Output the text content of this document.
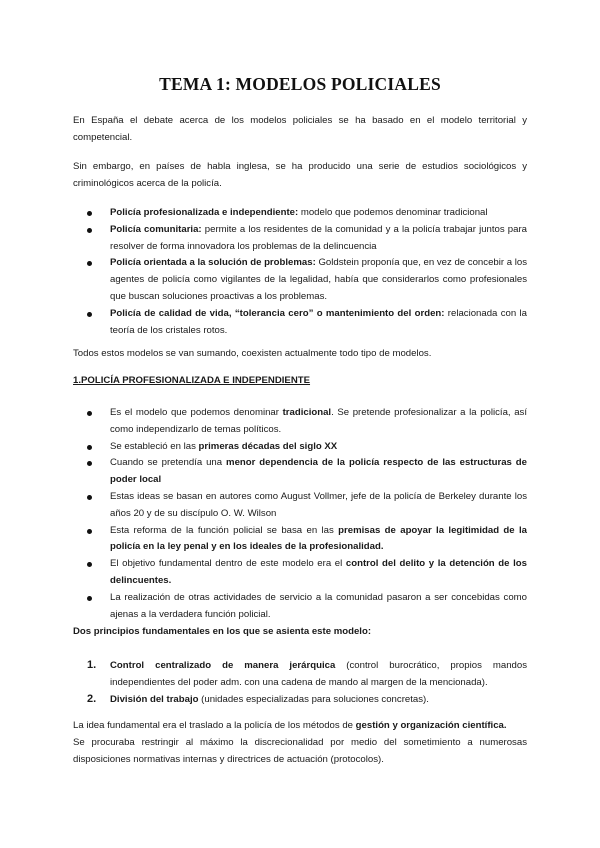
TEMA 1: MODELOS POLICIALES

En España el debate acerca de los modelos policiales se ha basado en el modelo territorial y competencial.

Sin embargo, en países de habla inglesa, se ha producido una serie de estudios sociológicos y criminológicos acerca de la policía.

Policía profesionalizada e independiente: modelo que podemos denominar tradicional
Policía comunitaria: permite a los residentes de la comunidad y a la policía trabajar juntos para resolver de forma innovadora los problemas de la delincuencia
Policía orientada a la solución de problemas: Goldstein proponía que, en vez de concebir a los agentes de policía como vigilantes de la legalidad, había que considerarlos como profesionales que buscan soluciones proactivas a los problemas.
Policía de calidad de vida, “tolerancia cero” o mantenimiento del orden: relacionada con la teoría de los cristales rotos.

Todos estos modelos se van sumando, coexisten actualmente todo tipo de modelos.

1.POLICÍA PROFESIONALIZADA E INDEPENDIENTE
Es el modelo que podemos denominar tradicional. Se pretende profesionalizar a la policía, así como independizarlo de temas políticos.
Se estableció en las primeras décadas del siglo XX
Cuando se pretendía una menor dependencia de la policía respecto de las estructuras de poder local
Estas ideas se basan en autores como August Vollmer, jefe de la policía de Berkeley durante los años 20 y de su discípulo O. W. Wilson
Esta reforma de la función policial se basa en las premisas de apoyar la legitimidad de la policía en la ley penal y en los ideales de la profesionalidad.
El objetivo fundamental dentro de este modelo era el control del delito y la detención de los delincuentes.
La realización de otras actividades de servicio a la comunidad pasaron a ser concebidas como ajenas a la verdadera función policial.
Dos principios fundamentales en los que se asienta este modelo:
1. Control centralizado de manera jerárquica (control burocrático, propios mandos independientes del poder adm. con una cadena de mando al margen de la mencionada).
2. División del trabajo (unidades especializadas para soluciones concretas).

La idea fundamental era el traslado a la policía de los métodos de gestión y organización científica.
Se procuraba restringir al máximo la discrecionalidad por medio del sometimiento a numerosas disposiciones normativas internas y directrices de actuación (protocolos).
